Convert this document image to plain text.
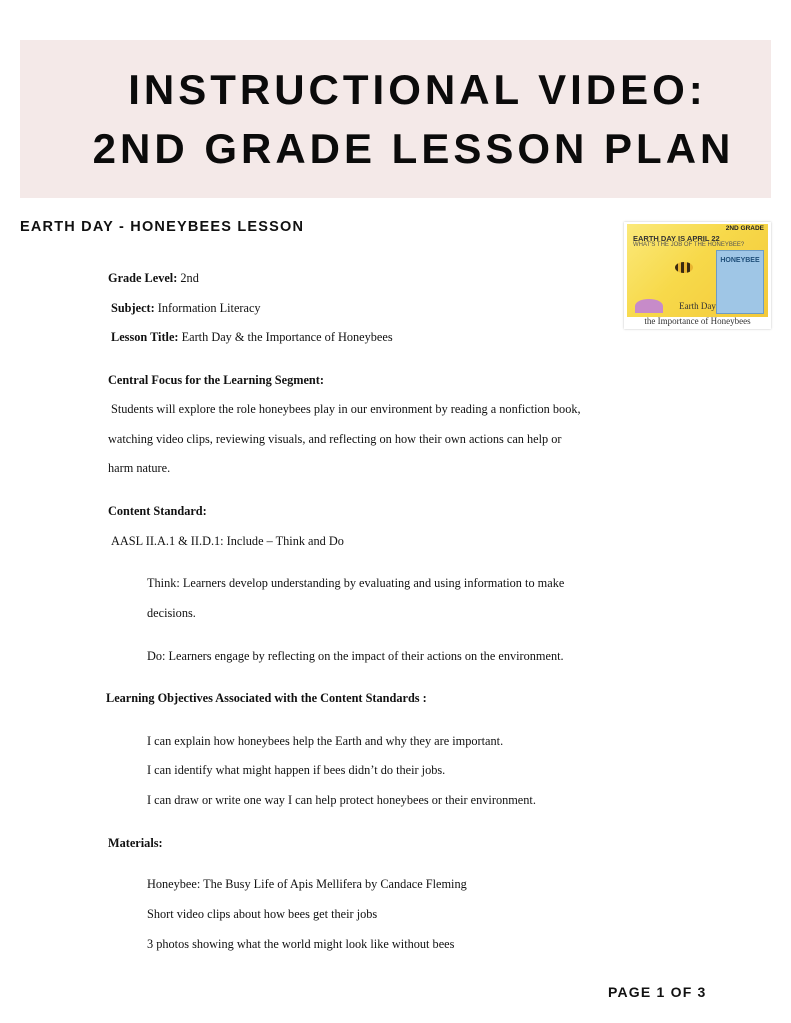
INSTRUCTIONAL VIDEO:
2ND GRADE LESSON PLAN
EARTH DAY - HONEYBEES LESSON	2ND GRADE
EARTH DAY IS APRIL 22
WHAT'S THE JOB OF THE HONEYBEE?
HONEYBEE
Earth Day
the Importance of Honeybees
Grade Level: 2nd
Subject: Information Literacy
Lesson Title: Earth Day & the Importance of Honeybees
Central Focus for the Learning Segment:
Students will explore the role honeybees play in our environment by reading a nonfiction book,
watching video clips, reviewing visuals, and reflecting on how their own actions can help or
harm nature.
Content Standard:
AASL II.A.1 & II.D.1: Include – Think and Do
Think: Learners develop understanding by evaluating and using information to make
decisions.
Do: Learners engage by reflecting on the impact of their actions on the environment.
Learning Objectives Associated with the Content Standards :
I can explain how honeybees help the Earth and why they are important.
I can identify what might happen if bees didn’t do their jobs.
I can draw or write one way I can help protect honeybees or their environment.
Materials:
Honeybee: The Busy Life of Apis Mellifera by Candace Fleming
Short video clips about how bees get their jobs
3 photos showing what the world might look like without bees
PAGE 1 OF 3
